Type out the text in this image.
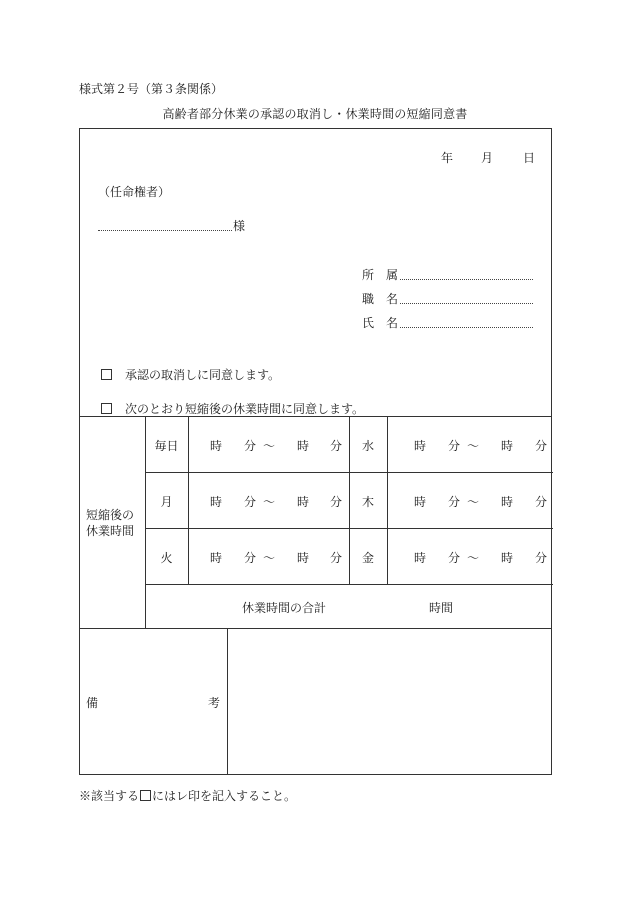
様式第２号（第３条関係）
高齢者部分休業の承認の取消し・休業時間の短縮同意書
年 月 日
（任命権者）
様
所　属
職　名
氏　名
承認の取消しに同意します。
次のとおり短縮後の休業時間に同意します。
短縮後の
休業時間
毎日	時 分 〜 時 分	水	時 分 〜 時 分
月	時 分 〜 時 分	木	時 分 〜 時 分
火	時 分 〜 時 分	金	時 分 〜 時 分
休業時間の合計	時間
備	考
※該当する にはレ印を記入すること。
